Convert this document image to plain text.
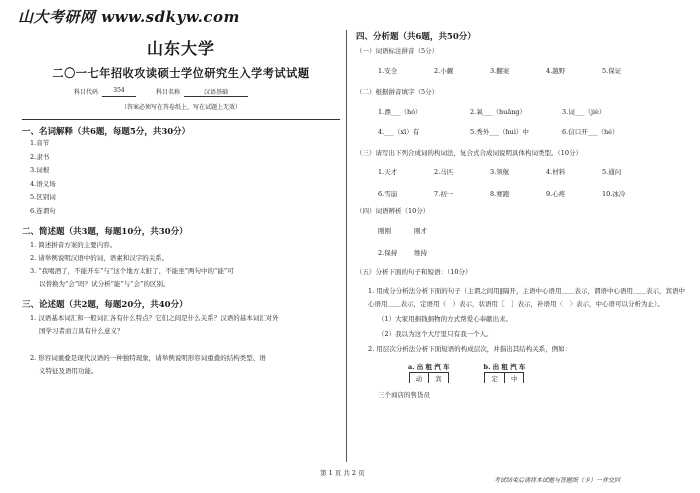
山大考研网 www.sdkyw.com
山东大学
二〇一七年招收攻读硕士学位研究生入学考试试题
科目代码	354	科目名称	汉语基础
（答案必须写在答卷纸上，写在试题上无效）
一、名词解释（共6题，每题5分，共30分）
1.音节
2.隶书
3.词根
4.语义场
5.区别词
6.连谓句
二、简述题（共3题，每题10分，共30分）
1. 简述拼音方案的主要内容。
2. 请举例说明汉语中的词，语素和汉字的关系。
3. “我喝酒了，不能开车”与“这个地方太脏了，不能坐”两句中的“能”可
以替换为“会”吗？试分析“能”与“会”的区别。
三、论述题（共2题，每题20分，共40分）
1. 汉语基本词汇和一般词汇各有什么特点？它们之间是什么关系？汉语的基本词汇对外
国学习者而言具有什么意义？
2. 形容词重叠是现代汉语的一种独特现象，请举例说明形容词重叠的结构类型、语
义特征及语用功能。
四、分析题（共6题，共50分）
（一）词语标注拼音（5分）
1.安全	2.小觑	3.翻案	4.越野	5.保证
（二）根据拼音填字（5分）
1.漂___（hó）	2.氧___（huāng）	3.词___（jiè）
4.___（xī）有	5.秀外___（huì）中	6.信口开___（hé）
（三）请写出下列合成词的构词法，复合式合成词说明具体构词类型。（10分）
1.天才	2.马匹	3.领航	4.材料	5.通问
6.雪崩	7.初一	8.赛跑	9.心疼	10.冰冷
（四）词语辨析（10分）
刚刚	刚才
2.保持	维持
（五）分析下面的句子和短语：（10分）
1. 用成分分析法分析下面的句子（主谓之间用‖隔开，主语中心语用＿＿表示，谓语中心语用＿＿表示，宾语中心语用＿＿表示，定语用（　）表示，状语用［　］表示，补语用〈　〉表示，中心语可以分析为止）。
（1）大家用捐钱捐物的方式帮爱心奉献出来。
（2）我以为这个大厅里只有我一个人。
2. 用层次分析法分析下面短语的构成层次，并指出其结构关系，例如：
a. 出 租 汽 车
动	宾
b. 出 租 汽 车
定	中
三个商店的售货员
第 1 页 共 2 页
考试结束后请将本试题与答题纸（卡）一并交回
